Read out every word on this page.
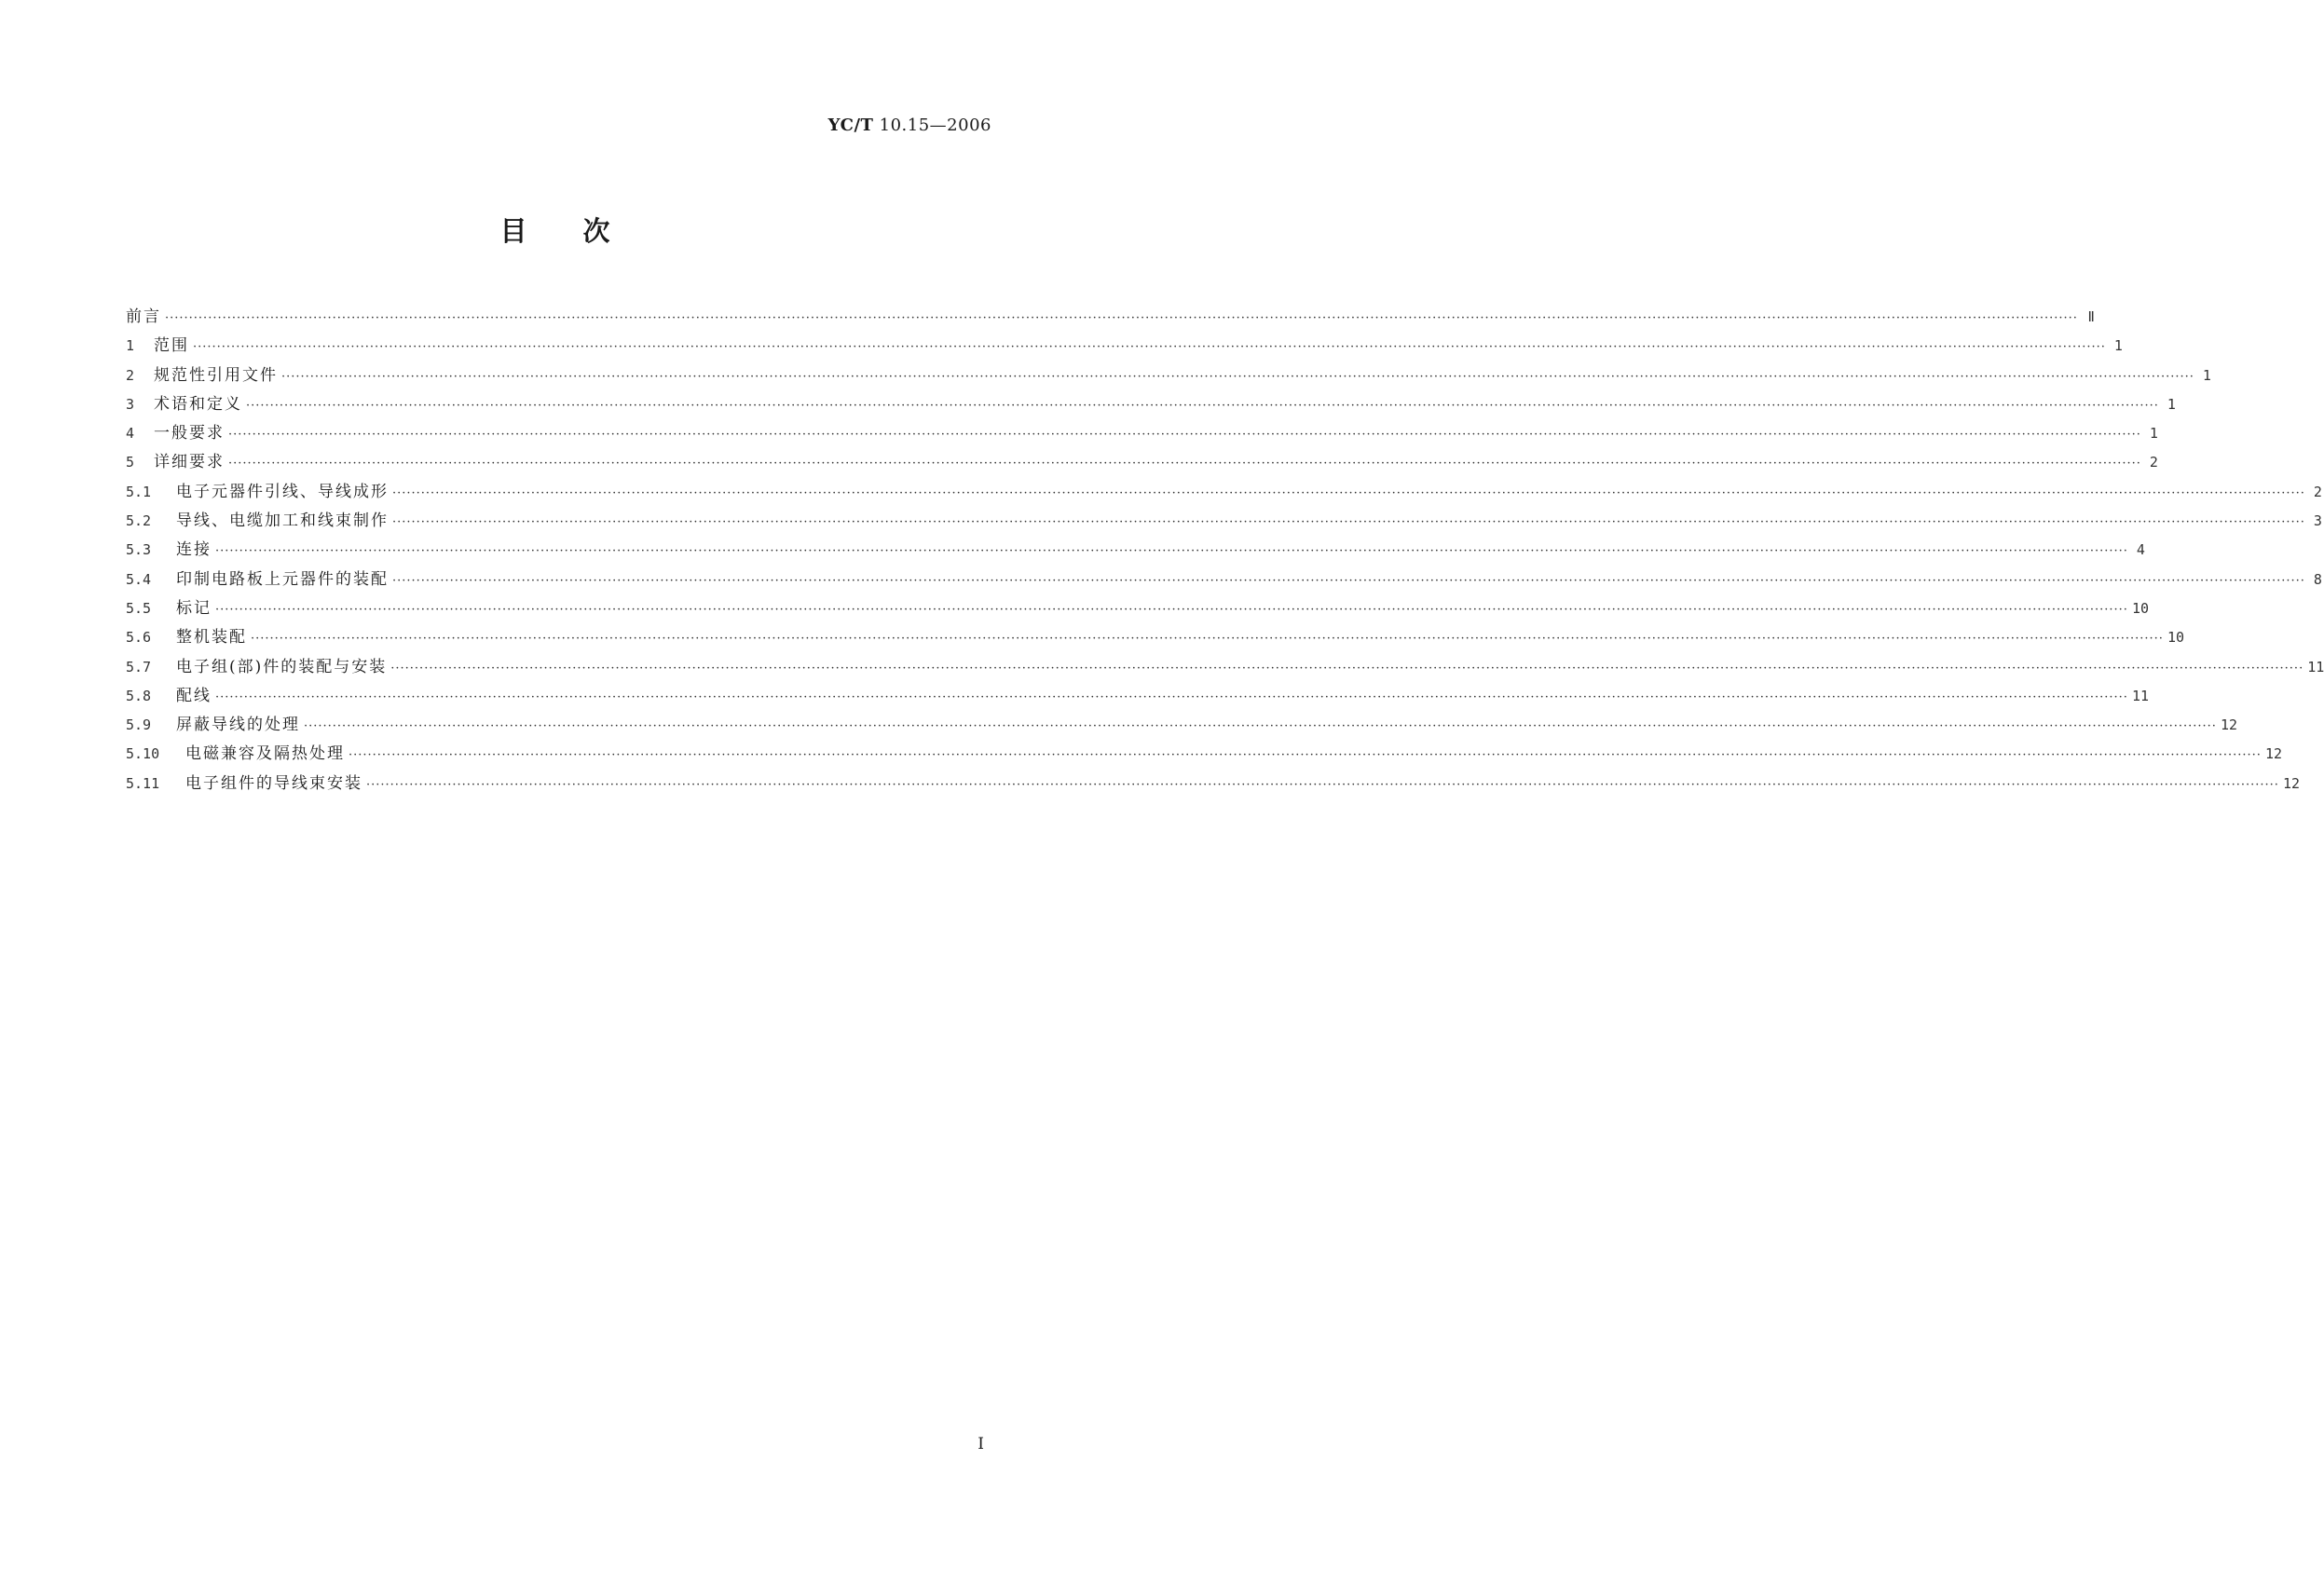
YC/T 10.15—2006
目次
前言 ················································································································································································································································································································································································································ Ⅱ
1	范围 ················································································································································································································································································································································································································ 1
2	规范性引用文件 ················································································································································································································································································································································································································ 1
3	术语和定义 ················································································································································································································································································································································································································ 1
4	一般要求 ················································································································································································································································································································································································································ 1
5	详细要求 ················································································································································································································································································································································································································ 2
5.1	电子元器件引线、导线成形 ················································································································································································································································································································································································································ 2
5.2	导线、电缆加工和线束制作 ················································································································································································································································································································································································································ 3
5.3	连接 ················································································································································································································································································································································································································ 4
5.4	印制电路板上元器件的装配 ················································································································································································································································································································································································································ 8
5.5	标记 ················································································································································································································································································································································································································ 10
5.6	整机装配 ················································································································································································································································································································································································································ 10
5.7	电子组(部)件的装配与安装 ················································································································································································································································································································································································································ 11
5.8	配线 ················································································································································································································································································································································································································ 11
5.9	屏蔽导线的处理 ················································································································································································································································································································································································································ 12
5.10	电磁兼容及隔热处理 ················································································································································································································································································································································································································ 12
5.11	电子组件的导线束安装 ················································································································································································································································································································································································································ 12
I
